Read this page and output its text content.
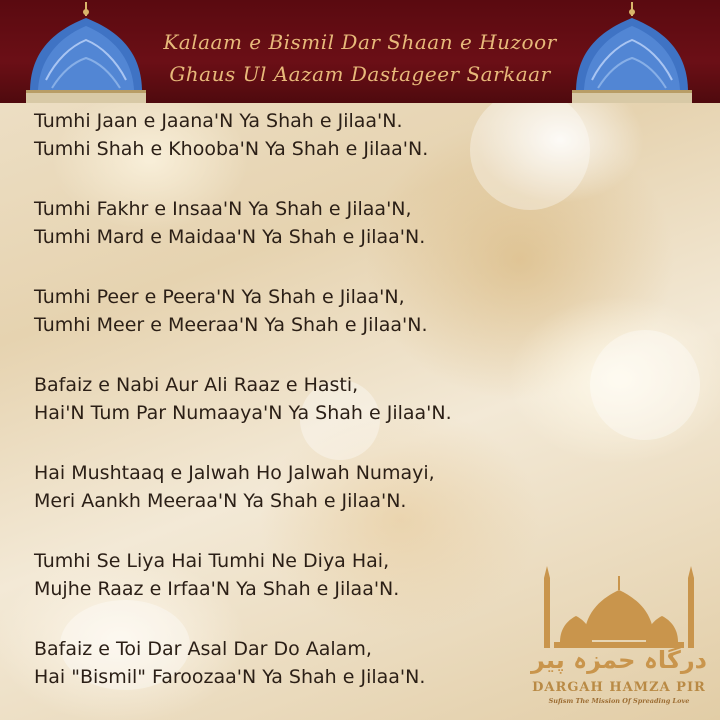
Kalaam e Bismil Dar Shaan e Huzoor
Ghaus Ul Aazam Dastageer Sarkaar

Tumhi Jaan e Jaana'N Ya Shah e Jilaa'N.

Tumhi Shah e Khooba'N Ya Shah e Jilaa'N.

Tumhi Fakhr e Insaa'N Ya Shah e Jilaa'N,

Tumhi Mard e Maidaa'N Ya Shah e Jilaa'N.

Tumhi Peer e Peera'N Ya Shah e Jilaa'N,

Tumhi Meer e Meeraa'N Ya Shah e Jilaa'N.

Bafaiz e Nabi Aur Ali Raaz e Hasti,

Hai'N Tum Par Numaaya'N Ya Shah e Jilaa'N.

Hai Mushtaaq e Jalwah Ho Jalwah Numayi,

Meri Aankh Meeraa'N Ya Shah e Jilaa'N.

Tumhi Se Liya Hai Tumhi Ne Diya Hai,

Mujhe Raaz e Irfaa'N Ya Shah e Jilaa'N.

Bafaiz e Toi Dar Asal Dar Do Aalam,

Hai "Bismil" Faroozaa'N Ya Shah e Jilaa'N.

درگاہ حمزہ پیر
DARGAH HAMZA PIR
Sufism The Mission Of Spreading Love
